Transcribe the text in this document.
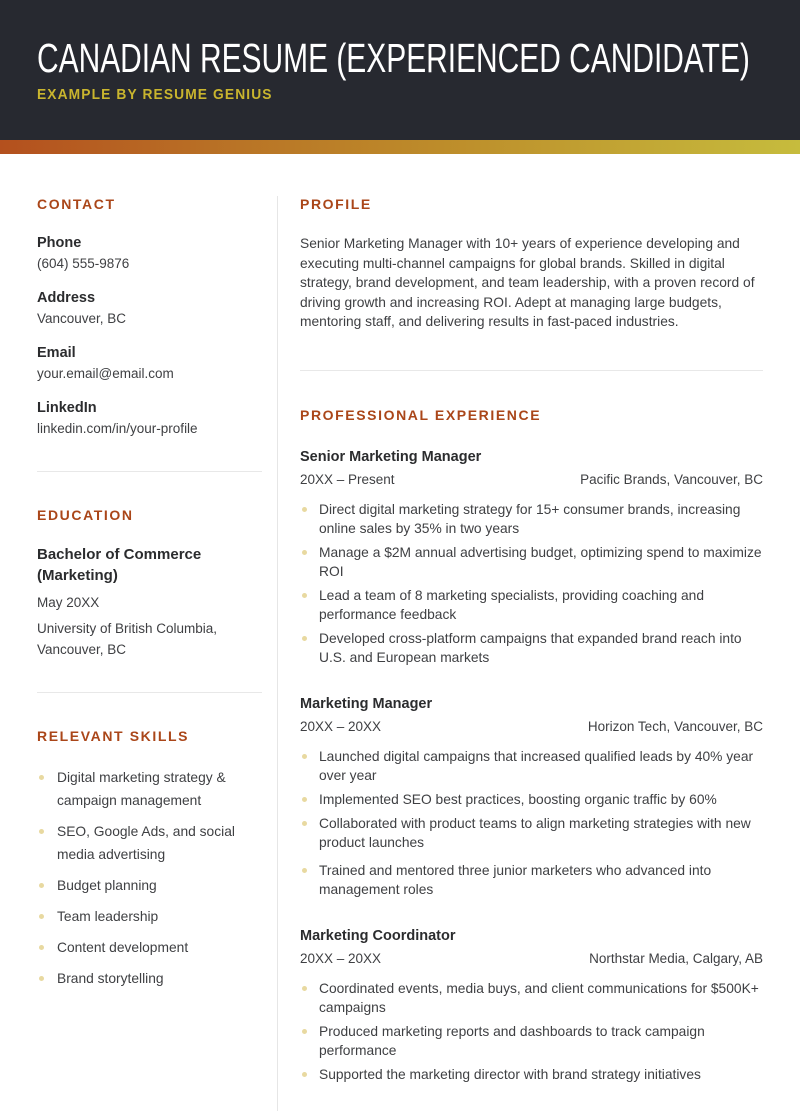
CANADIAN RESUME (EXPERIENCED CANDIDATE)
EXAMPLE BY RESUME GENIUS
CONTACT
Phone
(604) 555-9876
Address
Vancouver, BC
Email
your.email@email.com
LinkedIn
linkedin.com/in/your-profile
EDUCATION
Bachelor of Commerce (Marketing)
May 20XX
University of British Columbia, Vancouver, BC
RELEVANT SKILLS
Digital marketing strategy & campaign management
SEO, Google Ads, and social media advertising
Budget planning
Team leadership
Content development
Brand storytelling
PROFILE

Senior Marketing Manager with 10+ years of experience developing and executing multi-channel campaigns for global brands. Skilled in digital strategy, brand development, and team leadership, with a proven record of driving growth and increasing ROI. Adept at managing large budgets, mentoring staff, and delivering results in fast-paced industries.

PROFESSIONAL EXPERIENCE
Senior Marketing Manager
20XX – Present	Pacific Brands, Vancouver, BC
Direct digital marketing strategy for 15+ consumer brands, increasing online sales by 35% in two years
Manage a $2M annual advertising budget, optimizing spend to maximize ROI
Lead a team of 8 marketing specialists, providing coaching and performance feedback
Developed cross-platform campaigns that expanded brand reach into U.S. and European markets
Marketing Manager
20XX – 20XX	Horizon Tech, Vancouver, BC
Launched digital campaigns that increased qualified leads by 40% year over year
Implemented SEO best practices, boosting organic traffic by 60%
Collaborated with product teams to align marketing strategies with new product launches
Trained and mentored three junior marketers who advanced into management roles
Marketing Coordinator
20XX – 20XX	Northstar Media, Calgary, AB
Coordinated events, media buys, and client communications for $500K+ campaigns
Produced marketing reports and dashboards to track campaign performance
Supported the marketing director with brand strategy initiatives
